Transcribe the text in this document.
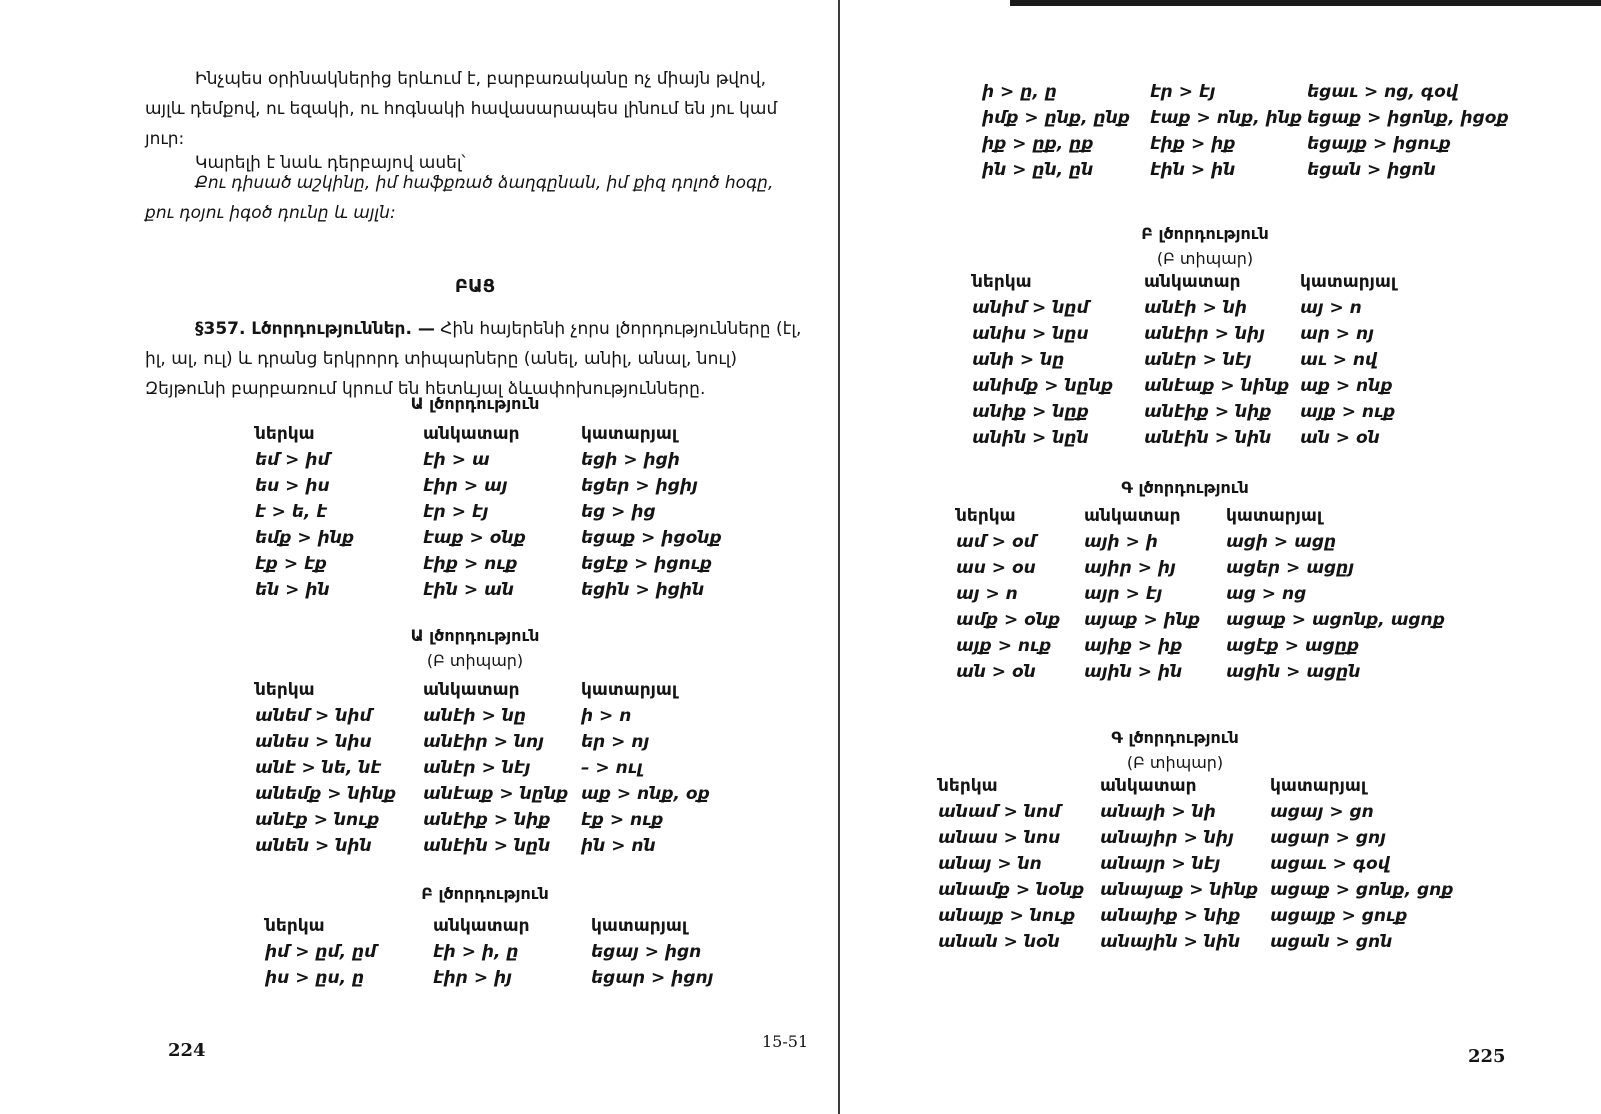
Ինչպես օրինակներից երևում է, բարբառականը ոչ միայն թվով, այլև դեմքով, ու եզակի, ու հոգնակի հավասարապես լինում են յու կամ յուր:

Կարելի է նաև դերբայով ասել՝

Քու դիսած աշկինը, իմ հաֆքռած ձաղգընան, իմ քիզ դոլոծ հօգը, քու դօյու իգօծ դունը և այլն:

ԲԱՑ

§357. Լծորդություններ. — Հին հայերենի չորս լծորդությունները (էլ, իլ, ալ, ուլ) և դրանց երկրորդ տիպարները (անել, անիլ, անալ, նուլ) Զեյթունի բարբառում կրում են հետևյալ ձևափոխությունները.

Ա լծորդություն
ներկա
եմ > իմ
ես > իս
է > ե, է
եմք > ինք
էք > էք
են > ին
անկատար
էի > ա
էիր > այ
էր > էյ
էաք > օնք
էիք > ուք
էին > ան
կատարյալ
եցի > իցի
եցեր > իցիյ
եց > ից
եցաք > իցօնք
եցէք > իցուք
եցին > իցին
Ա լծորդություն
(Բ տիպար)
ներկա
անեմ > նիմ
անես > նիս
անէ > նե, նէ
անեմք > նինք
անէք > նուք
անեն > նին
անկատար
անէի > նը
անէիր > նոյ
անէր > նէյ
անէաք > նընք
անէիք > նիք
անէին > նըն
կատարյալ
ի > ո
եր > ոյ
– > ուլ
աք > ոնք, օք
էք > ուք
ին > ոն
Բ լծորդություն
ներկա
իմ > ըմ, ըմ
իս > ըս, ը
անկատար
էի > ի, ը
էիր > իյ
կատարյալ
եցայ > իցո
եցար > իցոյ
224	15-51
ի > ը, ը
իմք > ընք, ընք
իք > ըք, ըք
ին > ըն, ըն
էր > էյ
էաք > ոնք, ինք
էիք > իք
էին > ին
եցաւ > ոց, գօվ
եցաք > իցոնք, իցօք
եցայք > իցուք
եցան > իցոն
Բ լծորդություն
(Բ տիպար)
ներկա
անիմ > նըմ
անիս > նըս
անի > նը
անիմք > նընք
անիք > նըք
անին > նըն
անկատար
անէի > նի
անէիր > նիյ
անէր > նէյ
անէաք > նինք
անէիք > նիք
անէին > նին
կատարյալ
այ > ո
ար > ոյ
աւ > ով
աք > ոնք
այք > ուք
ան > օն
Գ լծորդություն
ներկա
ամ > օմ
աս > օս
այ > ո
ամք > օնք
այք > ուք
ան > օն
անկատար
այի > ի
այիր > իյ
այր > էյ
այաք > ինք
այիք > իք
ային > ին
կատարյալ
ացի > ացը
ացեր > ացըյ
աց > ոց
ացաք > ացոնք, ացոք
ացէք > ացըք
ացին > ացըն
Գ լծորդություն
(Բ տիպար)
ներկա
անամ > նոմ
անաս > նոս
անայ > նո
անամք > նօնք
անայք > նուք
անան > նօն
անկատար
անայի > նի
անայիր > նիյ
անայր > նէյ
անայաք > նինք
անայիք > նիք
անային > նին
կատարյալ
ացայ > ցո
ացար > ցոյ
ացաւ > գօվ
ացաք > ցոնք, ցոք
ացայք > ցուք
ացան > ցոն
225
